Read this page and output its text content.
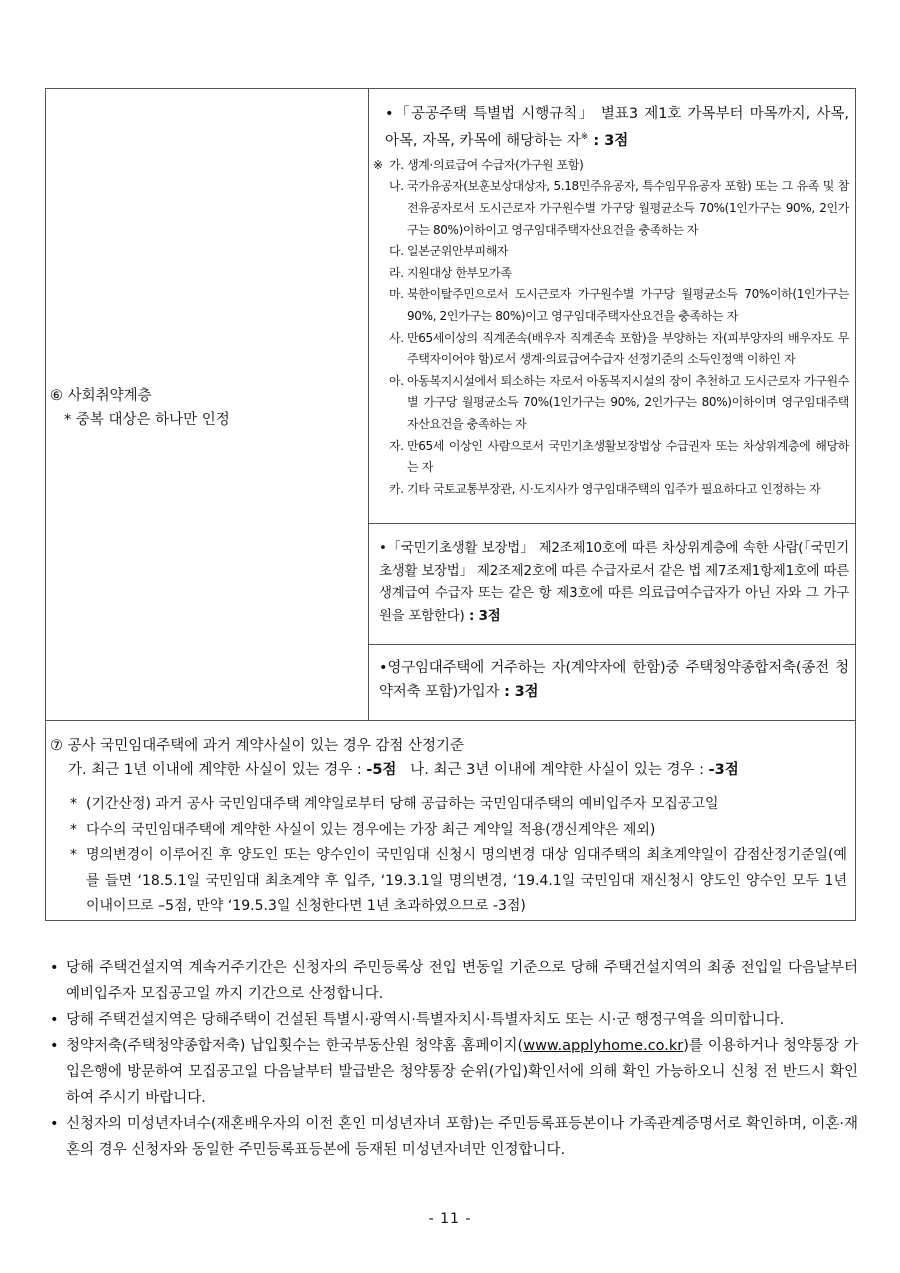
⑥ 사회취약계층
* 중복 대상은 하나만 인정
•「공공주택 특별법 시행규칙」 별표3 제1호 가목부터 마목까지, 사목, 아목, 자목, 카목에 해당하는 자※ : 3점
※ 가. 생계·의료급여 수급자(가구원 포함)
나. 국가유공자(보훈보상대상자, 5.18민주유공자, 특수임무유공자 포함) 또는 그 유족 및 참전유공자로서 도시근로자 가구원수별 가구당 월평균소득 70%(1인가구는 90%, 2인가구는 80%)이하이고 영구임대주택자산요건을 충족하는 자
다. 일본군위안부피해자
라. 지원대상 한부모가족
마. 북한이탈주민으로서 도시근로자 가구원수별 가구당 월평균소득 70%이하(1인가구는 90%, 2인가구는 80%)이고 영구임대주택자산요건을 충족하는 자
사. 만65세이상의 직계존속(배우자 직계존속 포함)을 부양하는 자(피부양자의 배우자도 무주택자이어야 함)로서 생계·의료급여수급자 선정기준의 소득인정액 이하인 자
아. 아동복지시설에서 퇴소하는 자로서 아동복지시설의 장이 추천하고 도시근로자 가구원수별 가구당 월평균소득 70%(1인가구는 90%, 2인가구는 80%)이하이며 영구임대주택자산요건을 충족하는 자
자. 만65세 이상인 사람으로서 국민기초생활보장법상 수급권자 또는 차상위계층에 해당하는 자
카. 기타 국토교통부장관, 시·도지사가 영구임대주택의 입주가 필요하다고 인정하는 자
•「국민기초생활 보장법」 제2조제10호에 따른 차상위계층에 속한 사람(「국민기초생활 보장법」 제2조제2호에 따른 수급자로서 같은 법 제7조제1항제1호에 따른 생계급여 수급자 또는 같은 항 제3호에 따른 의료급여수급자가 아닌 자와 그 가구원을 포함한다) : 3점
•영구임대주택에 거주하는 자(계약자에 한함)중 주택청약종합저축(종전 청약저축 포함)가입자 : 3점
⑦ 공사 국민임대주택에 과거 계약사실이 있는 경우 감점 산정기준
가. 최근 1년 이내에 계약한 사실이 있는 경우 : -5점 나. 최근 3년 이내에 계약한 사실이 있는 경우 : -3점
* (기간산정) 과거 공사 국민임대주택 계약일로부터 당해 공급하는 국민임대주택의 예비입주자 모집공고일
* 다수의 국민임대주택에 계약한 사실이 있는 경우에는 가장 최근 계약일 적용(갱신계약은 제외)
* 명의변경이 이루어진 후 양도인 또는 양수인이 국민임대 신청시 명의변경 대상 임대주택의 최초계약일이 감점산정기준일(예를 들면 ‘18.5.1일 국민임대 최초계약 후 입주, ‘19.3.1일 명의변경, ‘19.4.1일 국민임대 재신청시 양도인 양수인 모두 1년 이내이므로 –5점, 만약 ‘19.5.3일 신청한다면 1년 초과하였으므로 -3점)
• 당해 주택건설지역 계속거주기간은 신청자의 주민등록상 전입 변동일 기준으로 당해 주택건설지역의 최종 전입일 다음날부터 예비입주자 모집공고일 까지 기간으로 산정합니다.
• 당해 주택건설지역은 당해주택이 건설된 특별시·광역시·특별자치시·특별자치도 또는 시·군 행정구역을 의미합니다.
• 청약저축(주택청약종합저축) 납입횟수는 한국부동산원 청약홈 홈페이지(www.applyhome.co.kr)를 이용하거나 청약통장 가입은행에 방문하여 모집공고일 다음날부터 발급받은 청약통장 순위(가입)확인서에 의해 확인 가능하오니 신청 전 반드시 확인하여 주시기 바랍니다.
• 신청자의 미성년자녀수(재혼배우자의 이전 혼인 미성년자녀 포함)는 주민등록표등본이나 가족관계증명서로 확인하며, 이혼·재혼의 경우 신청자와 동일한 주민등록표등본에 등재된 미성년자녀만 인정합니다.
- 11 -
